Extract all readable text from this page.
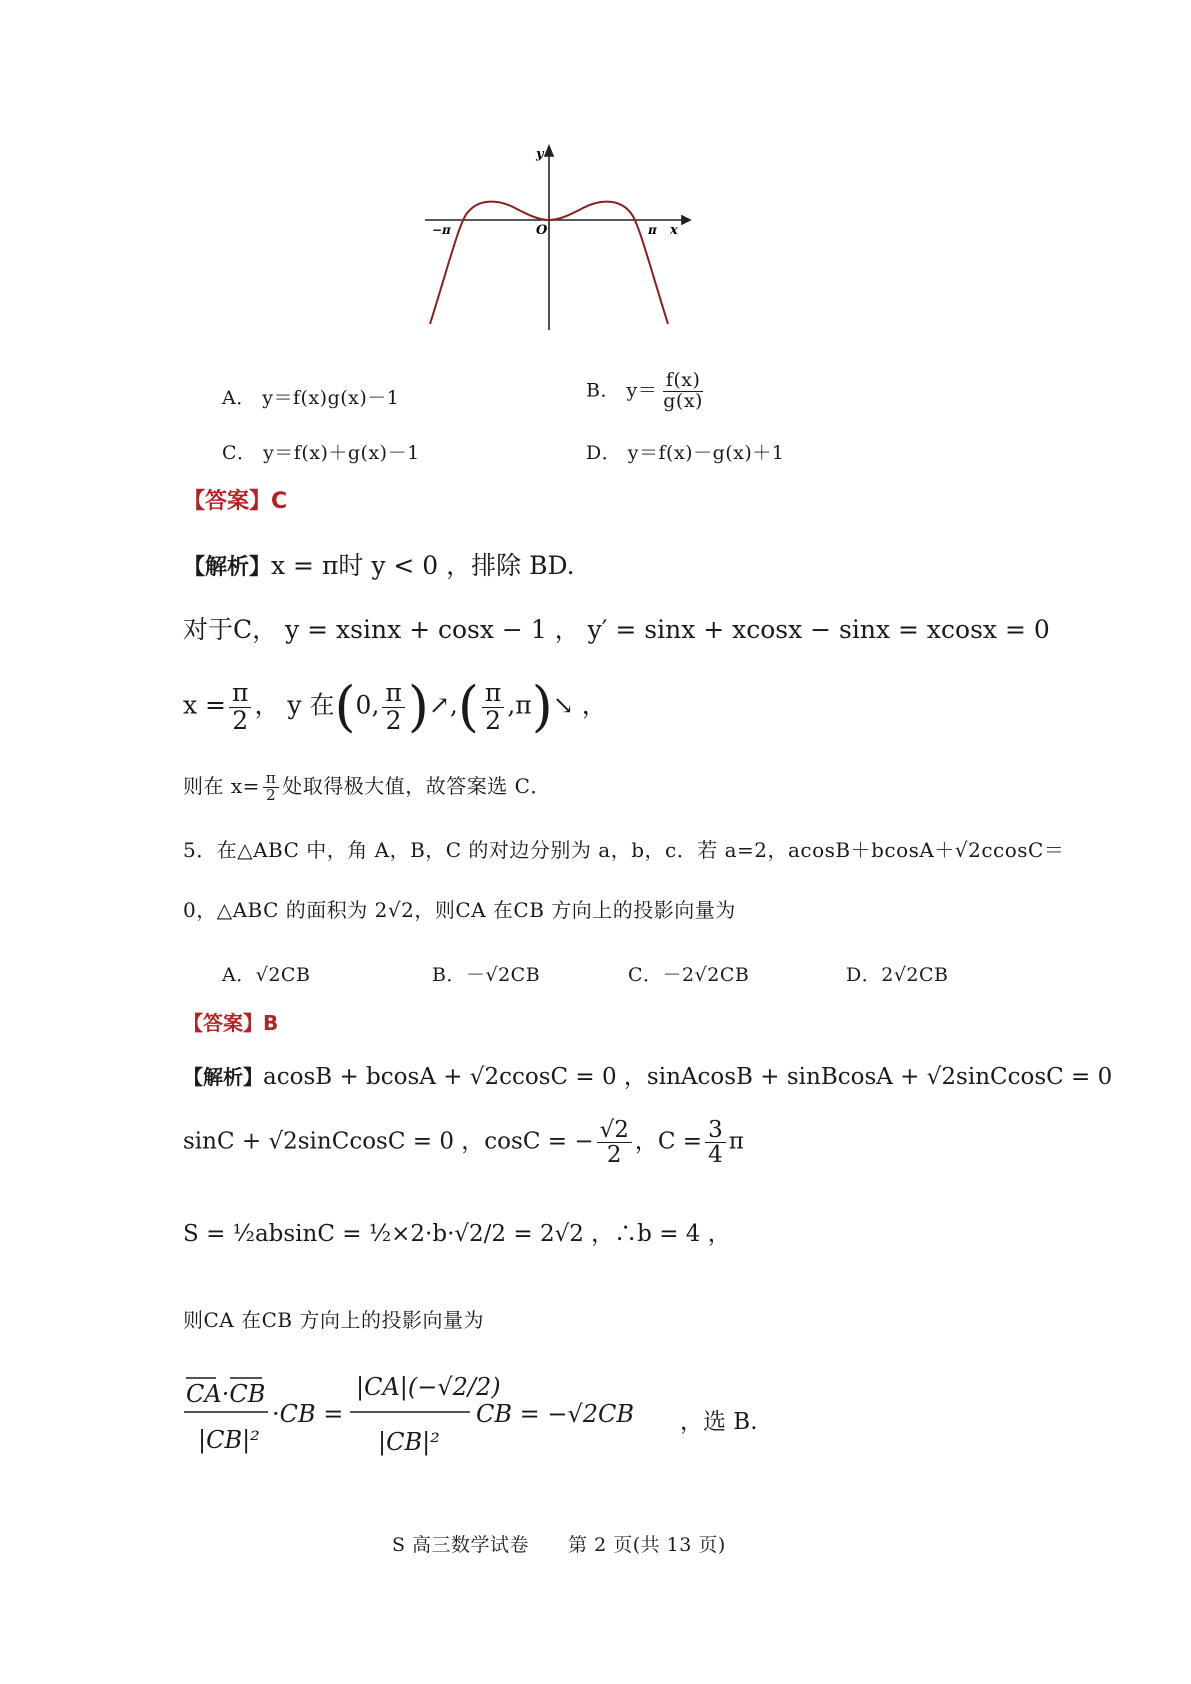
y
O
−π	π x
A． y＝f(x)g(x)－1	B． $y= \frac{f(x)}{g(x)}$
C． y＝f(x)＋g(x)－1	D． y＝f(x)－g(x)＋1
【答案】C
【解析】x = π时 y < 0 ，排除 BD.
对于C， y = xsinx + cosx − 1 ， y′ = sinx + xcosx − sinx = xcosx = 0
$x = \frac{\pi}{2}$ ， y 在(0, $\frac{\pi}{2}$ )↗,( $\frac{\pi}{2}$ ,π)↘ ，
则在 $x= \frac{\pi}{2}$ 处取得极大值，故答案选 C．
5．在△ABC 中，角 A，B，C 的对边分别为 a，b，c．若 a=2，acosB＋bcosA＋√2ccosC＝
0，△ABC 的面积为 2√2，则CA 在CB 方向上的投影向量为
A．√2CB	B．－√2CB	C．－2√2CB	D．2√2CB
【答案】B
【解析】acosB + bcosA + √2ccosC = 0 ，sinAcosB + sinBcosA + √2sinCcosC = 0
sinC + √2sinCcosC = 0 ，cosC = − $\frac{√2}{2}$ ，$C = \frac{3}{4}$ π
S = ½absinC = ½×2·b·√2/2 = 2√2 ，∴b = 4 ，
则CA 在CB 方向上的投影向量为
CA·CB
|CB|²
·CB =
|CA|(−√2/2)
|CB|²
CB = −√2CB ，选 B.
S 高三数学试卷　　第 2 页(共 13 页)
